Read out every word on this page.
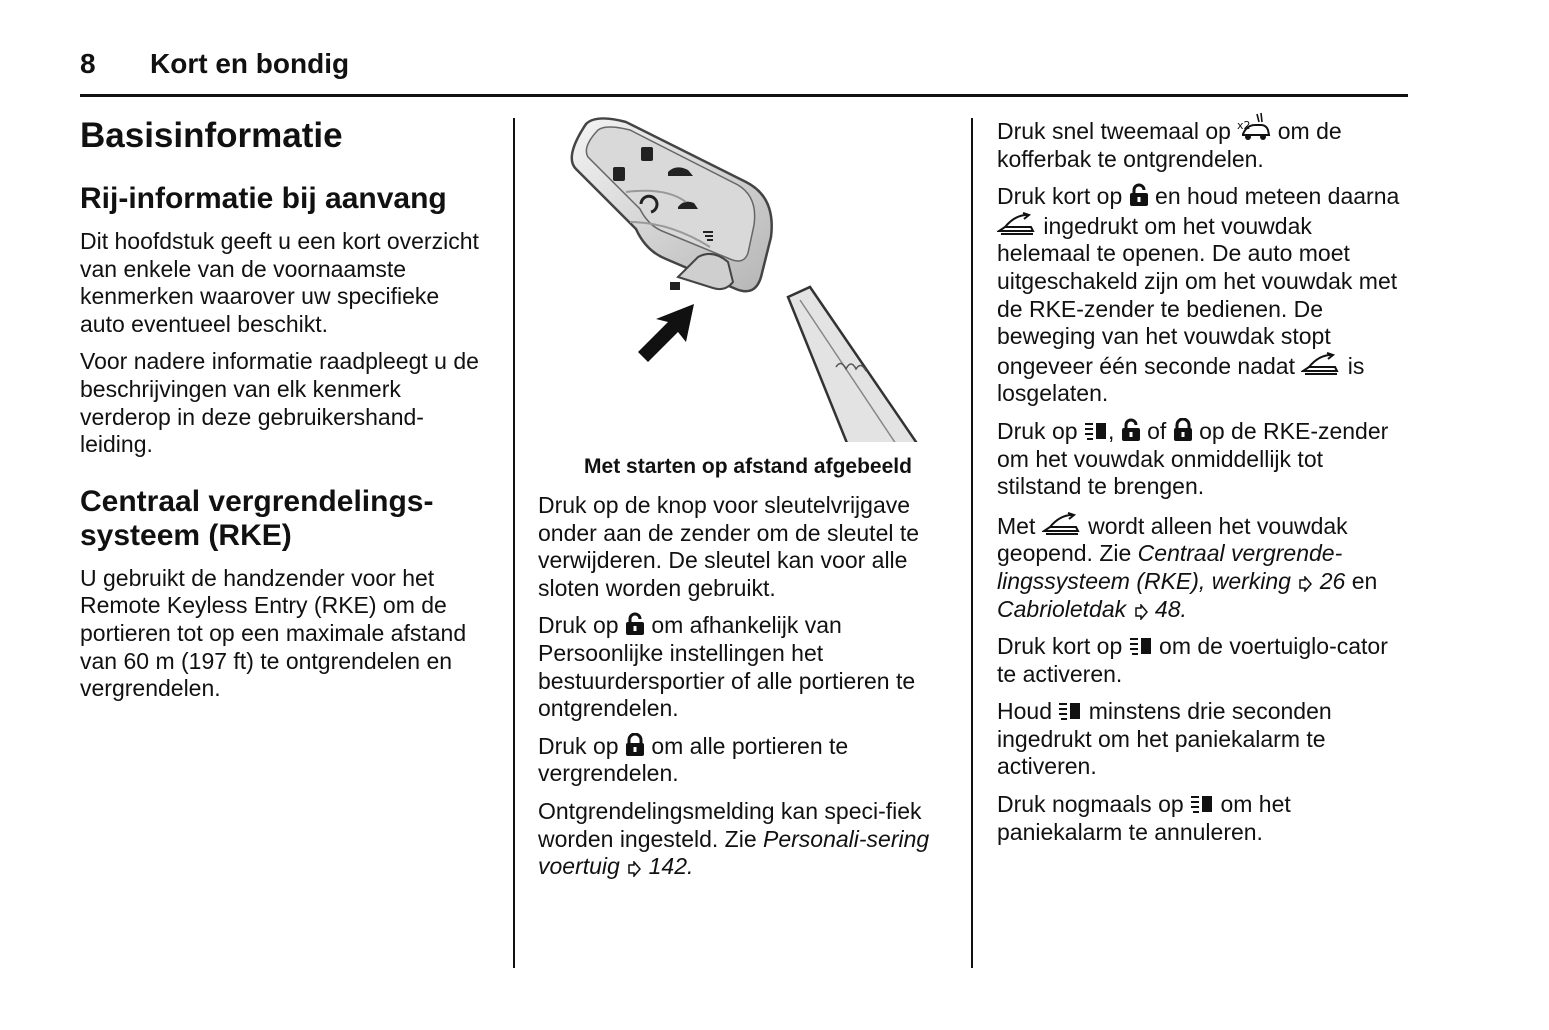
8 Kort en bondig
Basisinformatie
Rij-informatie bij aanvang

Dit hoofdstuk geeft u een kort overzicht van enkele van de voornaamste kenmerken waarover uw specifieke auto eventueel beschikt.

Voor nadere informatie raadpleegt u de beschrijvingen van elk kenmerk verderop in deze gebruikershand-leiding.

Centraal vergrendelings-systeem (RKE)

U gebruikt de handzender voor het Remote Keyless Entry (RKE) om de portieren tot op een maximale afstand van 60 m (197 ft) te ontgrendelen en vergrendelen.

Met starten op afstand afgebeeld

Druk op de knop voor sleutelvrijgave onder aan de zender om de sleutel te verwijderen. De sleutel kan voor alle sloten worden gebruikt.

Druk op om afhankelijk van Persoonlijke instellingen het bestuurdersportier of alle portieren te ontgrendelen.

Druk op om alle portieren te vergrendelen.

Ontgrendelingsmelding kan speci-fiek worden ingesteld. Zie Personali-sering voertuig 142.

Druk snel tweemaal op om de kofferbak te ontgrendelen.

Druk kort op en houd meteen daarna  ingedrukt om het vouwdak helemaal te openen. De auto moet uitgeschakeld zijn om het vouwdak met de RKE-zender te bedienen. De beweging van het vouwdak stopt ongeveer één seconde nadat is losgelaten.

Druk op , of op de RKE-zender om het vouwdak onmiddellijk tot stilstand te brengen.

Met wordt alleen het vouwdak geopend. Zie Centraal vergrende-lingssysteem (RKE), werking 26 en Cabrioletdak 48.

Druk kort op om de voertuiglo-cator te activeren.

Houd minstens drie seconden ingedrukt om het paniekalarm te activeren.

Druk nogmaals op om het paniekalarm te annuleren.
